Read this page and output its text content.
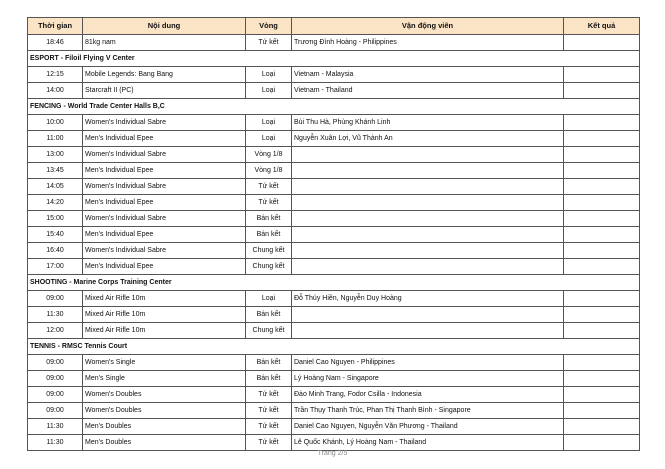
Thời gian	Nội dung	Vòng	Vận động viên	Kết quả
18:46	81kg nam	Tứ kết	Trương Đình Hoàng - Philippines	
ESPORT - Filoil Flying V Center				
12:15	Mobile Legends: Bang Bang	Loại	Vietnam - Malaysia	
14:00	Starcraft II (PC)	Loại	Vietnam - Thailand	
FENCING - World Trade Center Halls B,C				
10:00	Women's Individual Sabre	Loại	Bùi Thu Hà, Phùng Khánh Linh	
11:00	Men's Individual Epee	Loại	Nguyễn Xuân Lợi, Vũ Thành An	
13:00	Women's Individual Sabre	Vòng 1/8		
13:45	Men's Individual Epee	Vòng 1/8		
14:05	Women's Individual Sabre	Tứ kết		
14:20	Men's Individual Epee	Tứ kết		
15:00	Women's Individual Sabre	Bán kết		
15:40	Men's Individual Epee	Bán kết		
16:40	Women's Individual Sabre	Chung kết		
17:00	Men's Individual Epee	Chung kết		
SHOOTING - Marine Corps Training Center				
09:00	Mixed Air Rifle 10m	Loại	Đỗ Thúy Hiền, Nguyễn Duy Hoàng	
11:30	Mixed Air Rifle 10m	Bán kết		
12:00	Mixed Air Rifle 10m	Chung kết		
TENNIS - RMSC Tennis Court				
09:00	Women's Single	Bán kết	Daniel Cao Nguyen - Philippines	
09:00	Men's Single	Bán kết	Lý Hoàng Nam - Singapore	
09:00	Women's Doubles	Tứ kết	Đào Minh Trang, Fodor Csilla - Indonesia	
09:00	Women's Doubles	Tứ kết	Trần Thụy Thanh Trúc, Phan Thị Thanh Bình - Singapore	
11:30	Men's Doubles	Tứ kết	Daniel Cao Nguyen, Nguyễn Văn Phương - Thailand	
11:30	Men's Doubles	Tứ kết	Lê Quốc Khánh, Lý Hoàng Nam - Thailand	
Trang 2/5
